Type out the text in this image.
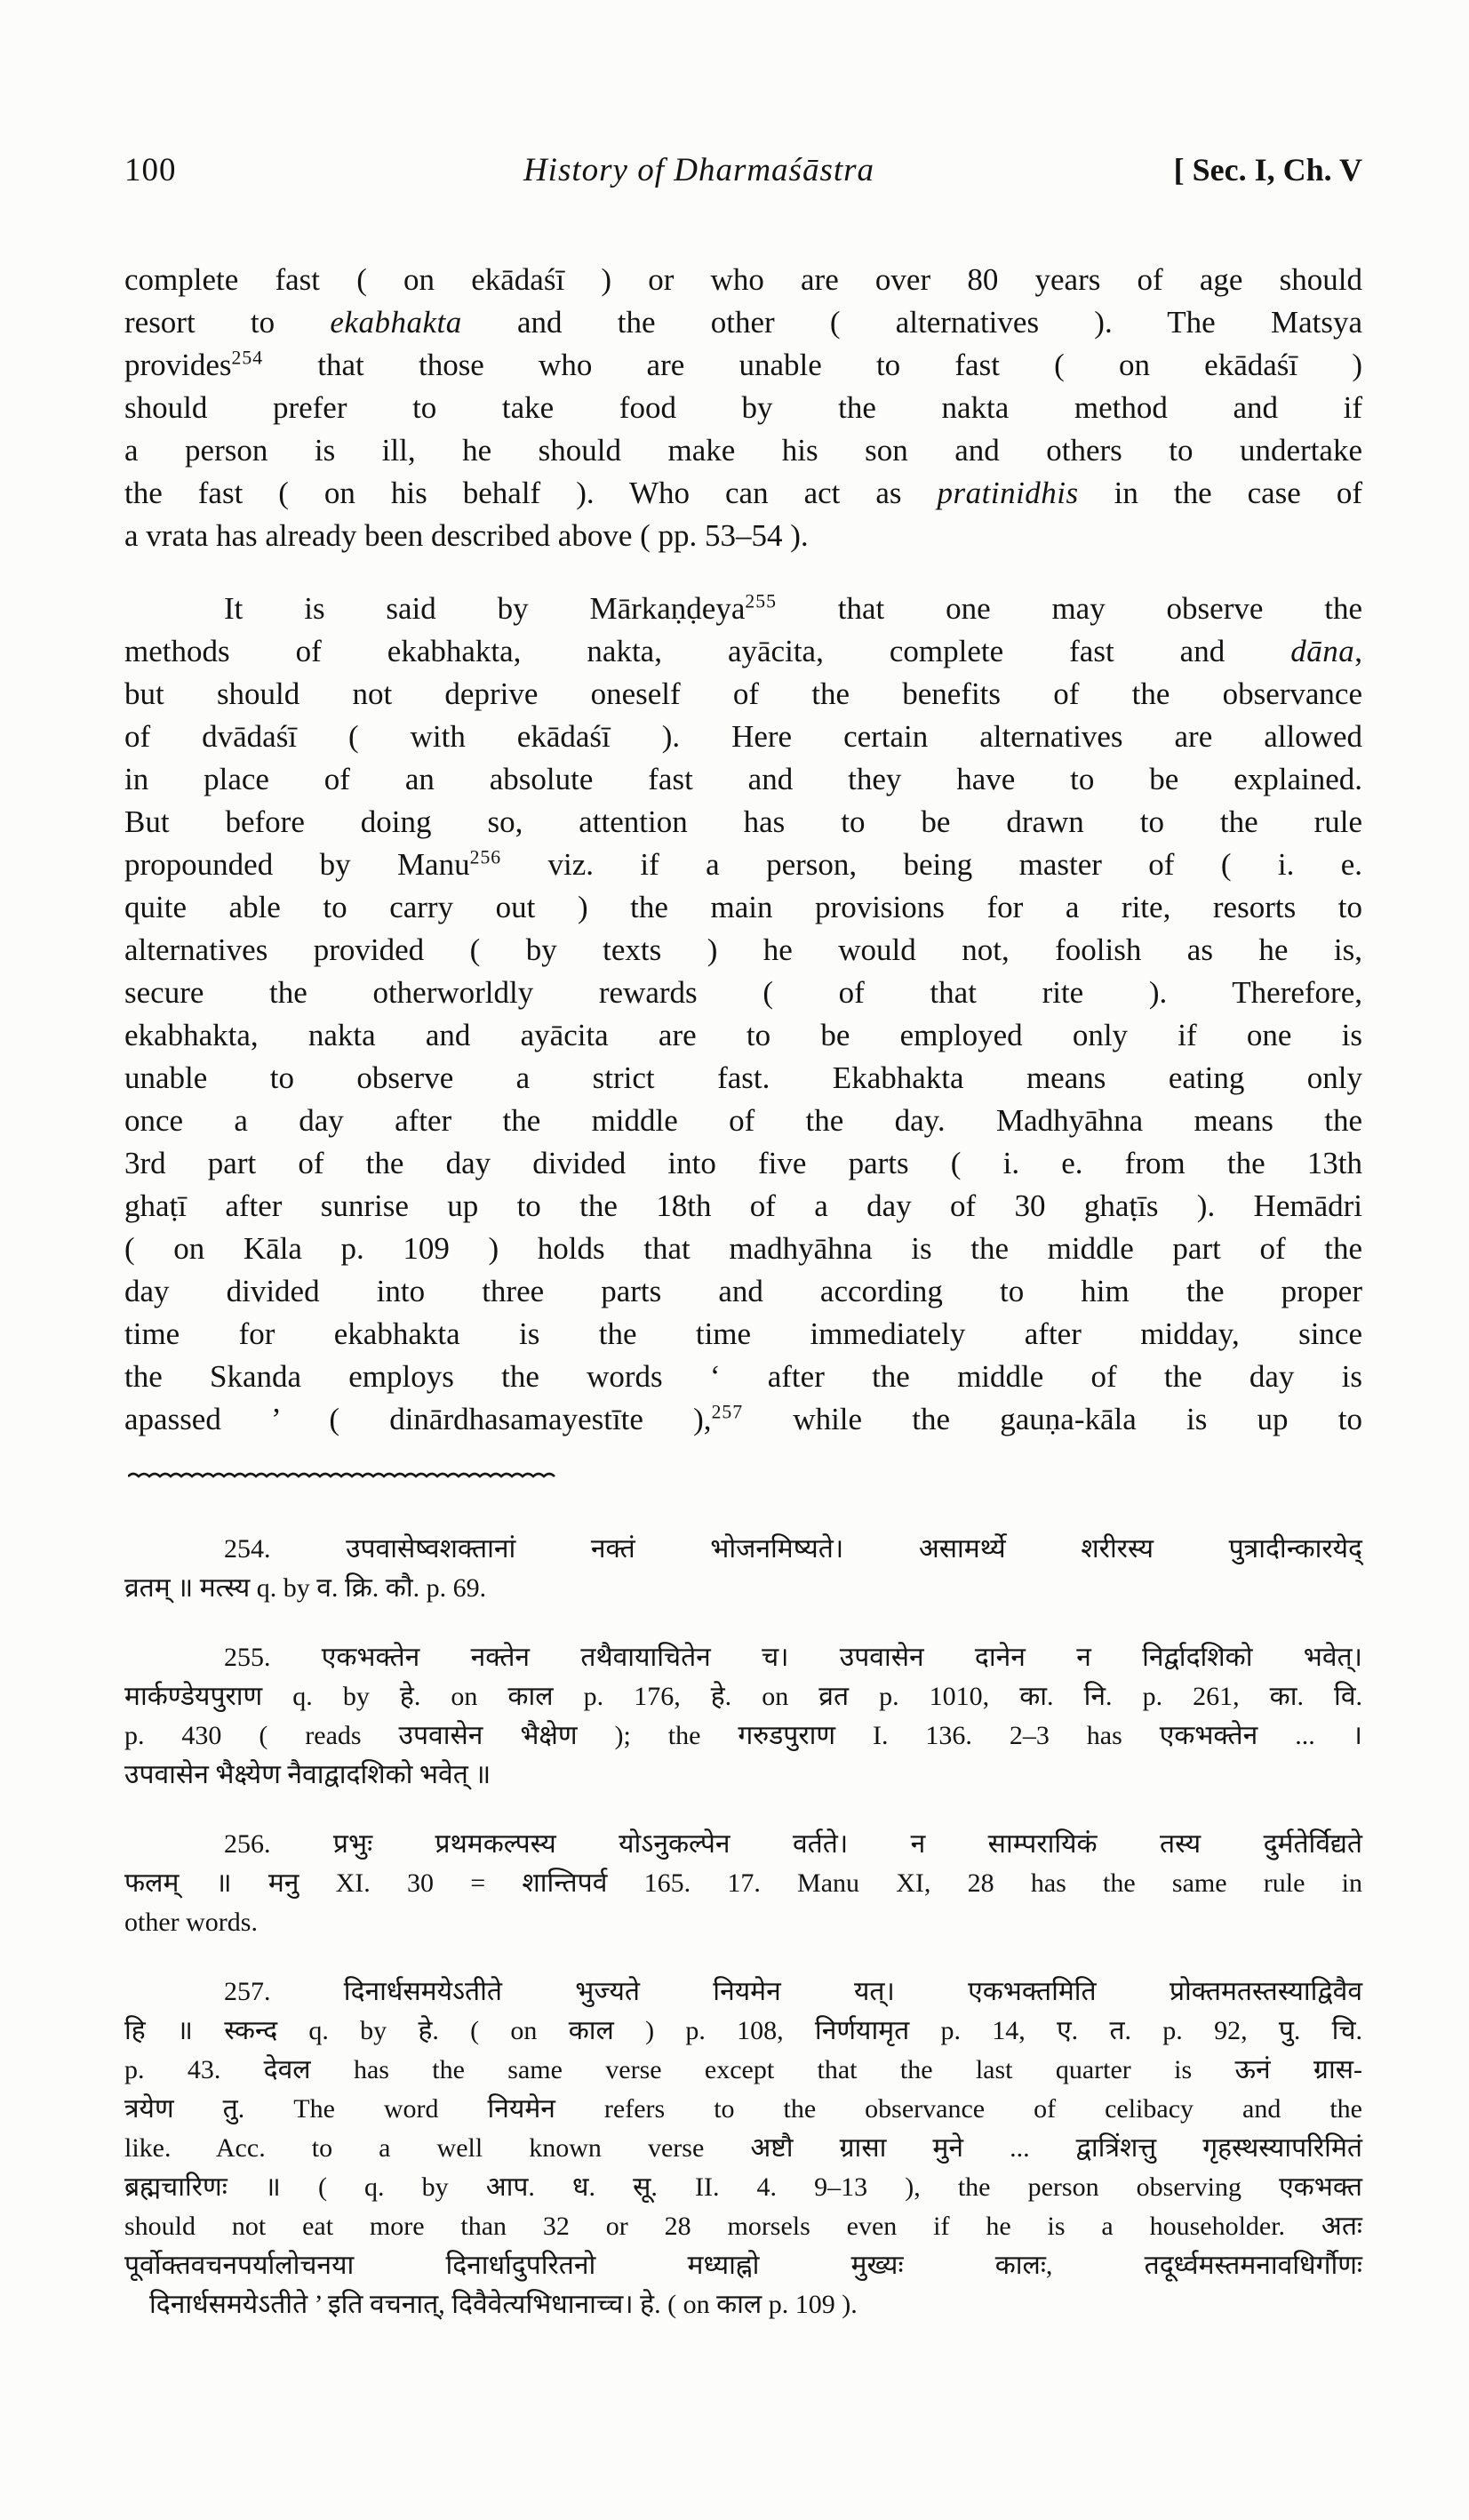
100	History of Dharmaśāstra	[ Sec. I, Ch. V
complete fast ( on ekādaśī ) or who are over 80 years of age should
resort to ekabhakta and the other ( alternatives ). The Matsya
provides$^{254}$ that those who are unable to fast ( on ekādaśī )
should prefer to take food by the nakta method and if
a person is ill, he should make his son and others to undertake
the fast ( on his behalf ). Who can act as pratinidhis in the case of
a vrata has already been described above ( pp. 53–54 ).
It is said by Mārkaṇḍeya$^{255}$ that one may observe the
methods of ekabhakta, nakta, ayācita, complete fast and dāna,
but should not deprive oneself of the benefits of the observance
of dvādaśī ( with ekādaśī ). Here certain alternatives are allowed
in place of an absolute fast and they have to be explained.
But before doing so, attention has to be drawn to the rule
propounded by Manu$^{256}$ viz. if a person, being master of ( i. e.
quite able to carry out ) the main provisions for a rite, resorts to
alternatives provided ( by texts ) he would not, foolish as he is,
secure the otherworldly rewards ( of that rite ). Therefore,
ekabhakta, nakta and ayācita are to be employed only if one is
unable to observe a strict fast. Ekabhakta means eating only
once a day after the middle of the day. Madhyāhna means the
3rd part of the day divided into five parts ( i. e. from the 13th
ghaṭī after sunrise up to the 18th of a day of 30 ghaṭīs ). Hemādri
( on Kāla p. 109 ) holds that madhyāhna is the middle part of the
day divided into three parts and according to him the proper
time for ekabhakta is the time immediately after midday, since
the Skanda employs the words ‘ after the middle of the day is
apassed ’ ( dinārdhasamayestīte ),$^{257}$ while the gauṇa-kāla is up to
254. उपवासेष्वशक्तानां नक्तं भोजनमिष्यते। असामर्थ्ये शरीरस्य पुत्रादीन्कारयेद्
व्रतम् ॥ मत्स्य q. by व. क्रि. कौ. p. 69.
255. एकभक्तेन नक्तेन तथैवायाचितेन च। उपवासेन दानेन न निर्द्वादशिको भवेत्।
मार्कण्डेयपुराण q. by हे. on काल p. 176, हे. on व्रत p. 1010, का. नि. p. 261, का. वि.
p. 430 ( reads उपवासेन भैक्षेण ); the गरुडपुराण I. 136. 2–3 has एकभक्तेन ... ।
उपवासेन भैक्ष्येण नैवाद्वादशिको भवेत् ॥
256. प्रभुः प्रथमकल्पस्य योऽनुकल्पेन वर्तते। न साम्परायिकं तस्य दुर्मतेर्विद्यते
फलम् ॥ मनु XI. 30 = शान्तिपर्व 165. 17. Manu XI, 28 has the same rule in
other words.
257. दिनार्धसमयेऽतीते भुज्यते नियमेन यत्। एकभक्तमिति प्रोक्तमतस्तस्याद्विवैव
हि ॥ स्कन्द q. by हे. ( on काल ) p. 108, निर्णयामृत p. 14, ए. त. p. 92, पु. चि.
p. 43. देवल has the same verse except that the last quarter is ऊनं ग्रास-
त्रयेण तु. The word नियमेन refers to the observance of celibacy and the
like. Acc. to a well known verse अष्टौ ग्रासा मुने ... द्वात्रिंशत्तु गृहस्थस्यापरिमितं
ब्रह्मचारिणः ॥ ( q. by आप. ध. सू. II. 4. 9–13 ), the person observing एकभक्त
should not eat more than 32 or 28 morsels even if he is a householder. अतः
पूर्वोक्तवचनपर्यालोचनया दिनार्धादुपरितनो मध्याह्नो मुख्यः कालः, तदूर्ध्वमस्तमनावधिर्गौणः
दिनार्धसमयेऽतीते ’ इति वचनात्, दिवैवेत्यभिधानाच्च। हे. ( on काल p. 109 ).
